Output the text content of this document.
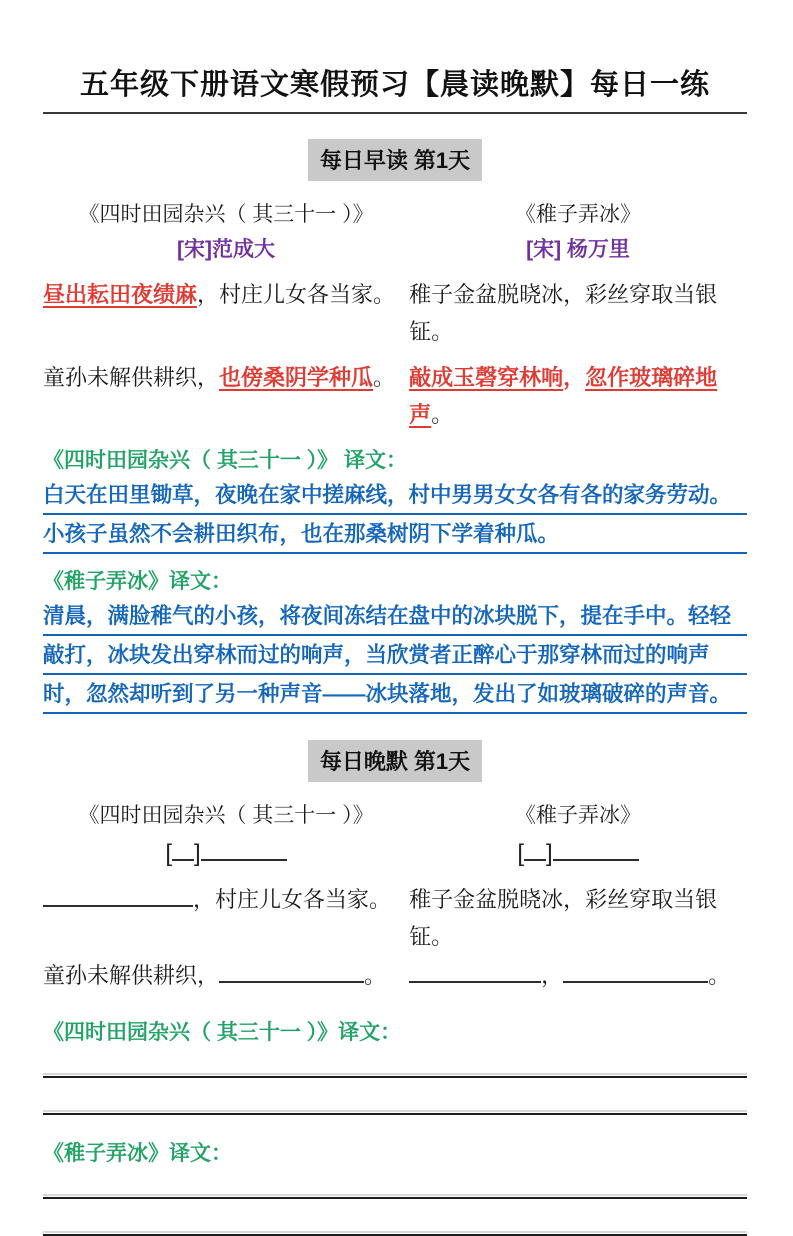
五年级下册语文寒假预习【晨读晚默】每日一练
每日早读 第1天
《四时田园杂兴（ 其三十一 ）》	《稚子弄冰》
[宋]范成大	[宋] 杨万里
昼出耘田夜绩麻，村庄儿女各当家。 稚子金盆脱晓冰，彩丝穿取当银钲。
童孙未解供耕织，也傍桑阴学种瓜。 敲成玉磬穿林响，忽作玻璃碎地声。
《四时田园杂兴（ 其三十一 ）》 译文：
白天在田里锄草，夜晚在家中搓麻线，村中男男女女各有各的家务劳动。
小孩子虽然不会耕田织布，也在那桑树阴下学着种瓜。
《稚子弄冰》译文：
清晨，满脸稚气的小孩，将夜间冻结在盘中的冰块脱下，提在手中。轻轻
敲打，冰块发出穿林而过的响声，当欣赏者正醉心于那穿林而过的响声
时，忽然却听到了另一种声音——冰块落地，发出了如玻璃破碎的声音。
每日晚默 第1天
《四时田园杂兴（ 其三十一 ）》	《稚子弄冰》
[ ]	[ ]
，村庄儿女各当家。 稚子金盆脱晓冰，彩丝穿取当银钲。
童孙未解供耕织，	。	，	。
《四时田园杂兴（ 其三十一 ）》译文：
《稚子弄冰》译文：
